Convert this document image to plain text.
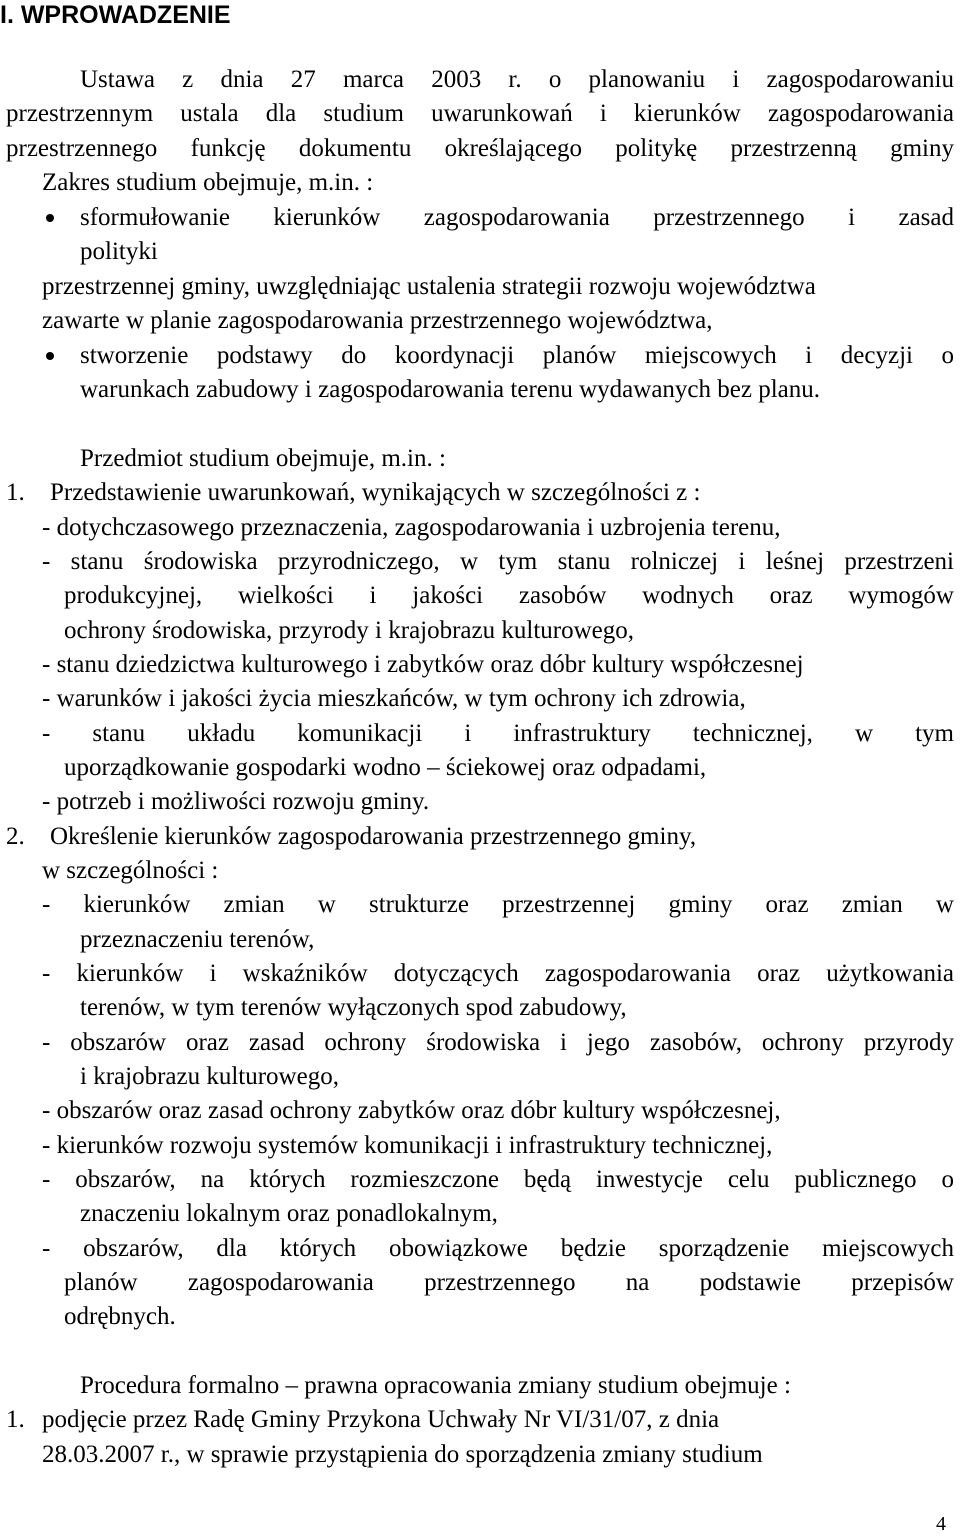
I. WPROWADZENIE
Ustawa z dnia 27 marca 2003 r. o planowaniu i zagospodarowaniu
przestrzennym ustala dla studium uwarunkowań i kierunków zagospodarowania
przestrzennego funkcję dokumentu określającego politykę przestrzenną gminy
Zakres studium obejmuje, m.in. :
sformułowanie kierunków zagospodarowania przestrzennego i zasad
polityki
przestrzennej gminy, uwzględniając ustalenia strategii rozwoju województwa
zawarte w planie zagospodarowania przestrzennego województwa,
stworzenie podstawy do koordynacji planów miejscowych i decyzji o
warunkach zabudowy i zagospodarowania terenu wydawanych bez planu.
Przedmiot studium obejmuje, m.in. :
1. Przedstawienie uwarunkowań, wynikających w szczególności z :
- dotychczasowego przeznaczenia, zagospodarowania i uzbrojenia terenu,
- stanu środowiska przyrodniczego, w tym stanu rolniczej i leśnej przestrzeni
produkcyjnej, wielkości i jakości zasobów wodnych oraz wymogów
ochrony środowiska, przyrody i krajobrazu kulturowego,
- stanu dziedzictwa kulturowego i zabytków oraz dóbr kultury współczesnej
- warunków i jakości życia mieszkańców, w tym ochrony ich zdrowia,
- stanu układu komunikacji i infrastruktury technicznej, w tym
uporządkowanie gospodarki wodno – ściekowej oraz odpadami,
- potrzeb i możliwości rozwoju gminy.
2. Określenie kierunków zagospodarowania przestrzennego gminy,
w szczególności :
- kierunków zmian w strukturze przestrzennej gminy oraz zmian w
przeznaczeniu terenów,
- kierunków i wskaźników dotyczących zagospodarowania oraz użytkowania
terenów, w tym terenów wyłączonych spod zabudowy,
- obszarów oraz zasad ochrony środowiska i jego zasobów, ochrony przyrody
i krajobrazu kulturowego,
- obszarów oraz zasad ochrony zabytków oraz dóbr kultury współczesnej,
- kierunków rozwoju systemów komunikacji i infrastruktury technicznej,
- obszarów, na których rozmieszczone będą inwestycje celu publicznego o
znaczeniu lokalnym oraz ponadlokalnym,
- obszarów, dla których obowiązkowe będzie sporządzenie miejscowych
planów zagospodarowania przestrzennego na podstawie przepisów
odrębnych.
Procedura formalno – prawna opracowania zmiany studium obejmuje :
1. podjęcie przez Radę Gminy Przykona Uchwały Nr VI/31/07, z dnia
28.03.2007 r., w sprawie przystąpienia do sporządzenia zmiany studium
4
